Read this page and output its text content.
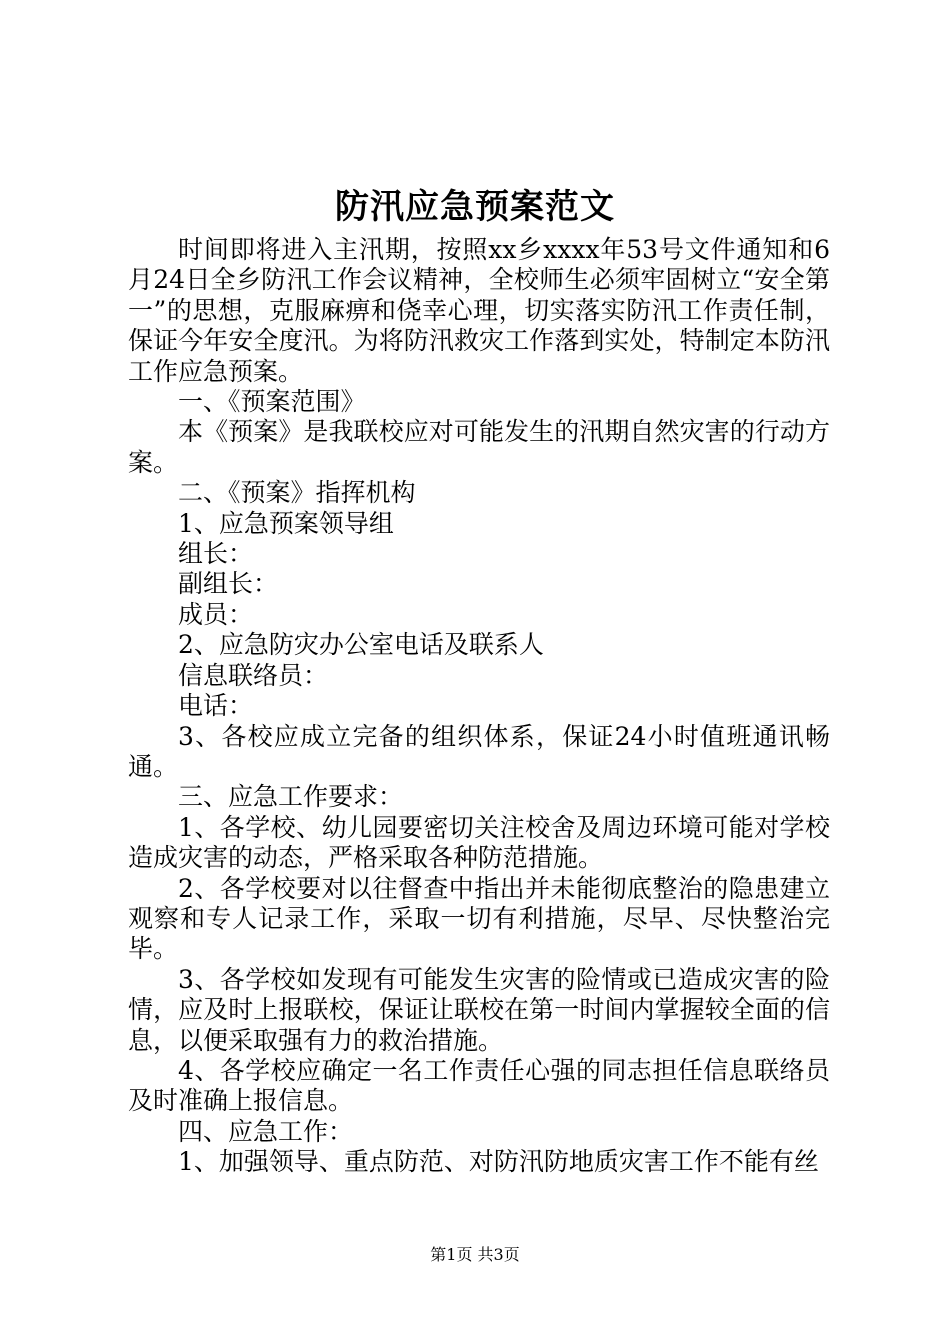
防汛应急预案范文

时间即将进入主汛期，按照xx乡xxxx年53号文件通知和6月24日全乡防汛工作会议精神，全校师生必须牢固树立“安全第一”的思想，克服麻痹和侥幸心理，切实落实防汛工作责任制，保证今年安全度汛。为将防汛救灾工作落到实处，特制定本防汛工作应急预案。

一、《预案范围》

本《预案》是我联校应对可能发生的汛期自然灾害的行动方案。

二、《预案》指挥机构

1、应急预案领导组

组长：

副组长：

成员：

2、应急防灾办公室电话及联系人

信息联络员：

电话：

3、各校应成立完备的组织体系，保证24小时值班通讯畅通。

三、应急工作要求：

1、各学校、幼儿园要密切关注校舍及周边环境可能对学校造成灾害的动态，严格采取各种防范措施。

2、各学校要对以往督查中指出并未能彻底整治的隐患建立观察和专人记录工作，采取一切有利措施，尽早、尽快整治完毕。

3、各学校如发现有可能发生灾害的险情或已造成灾害的险情，应及时上报联校，保证让联校在第一时间内掌握较全面的信息，以便采取强有力的救治措施。

4、各学校应确定一名工作责任心强的同志担任信息联络员及时准确上报信息。

四、应急工作：

1、加强领导、重点防范、对防汛防地质灾害工作不能有丝

第1页 共3页
